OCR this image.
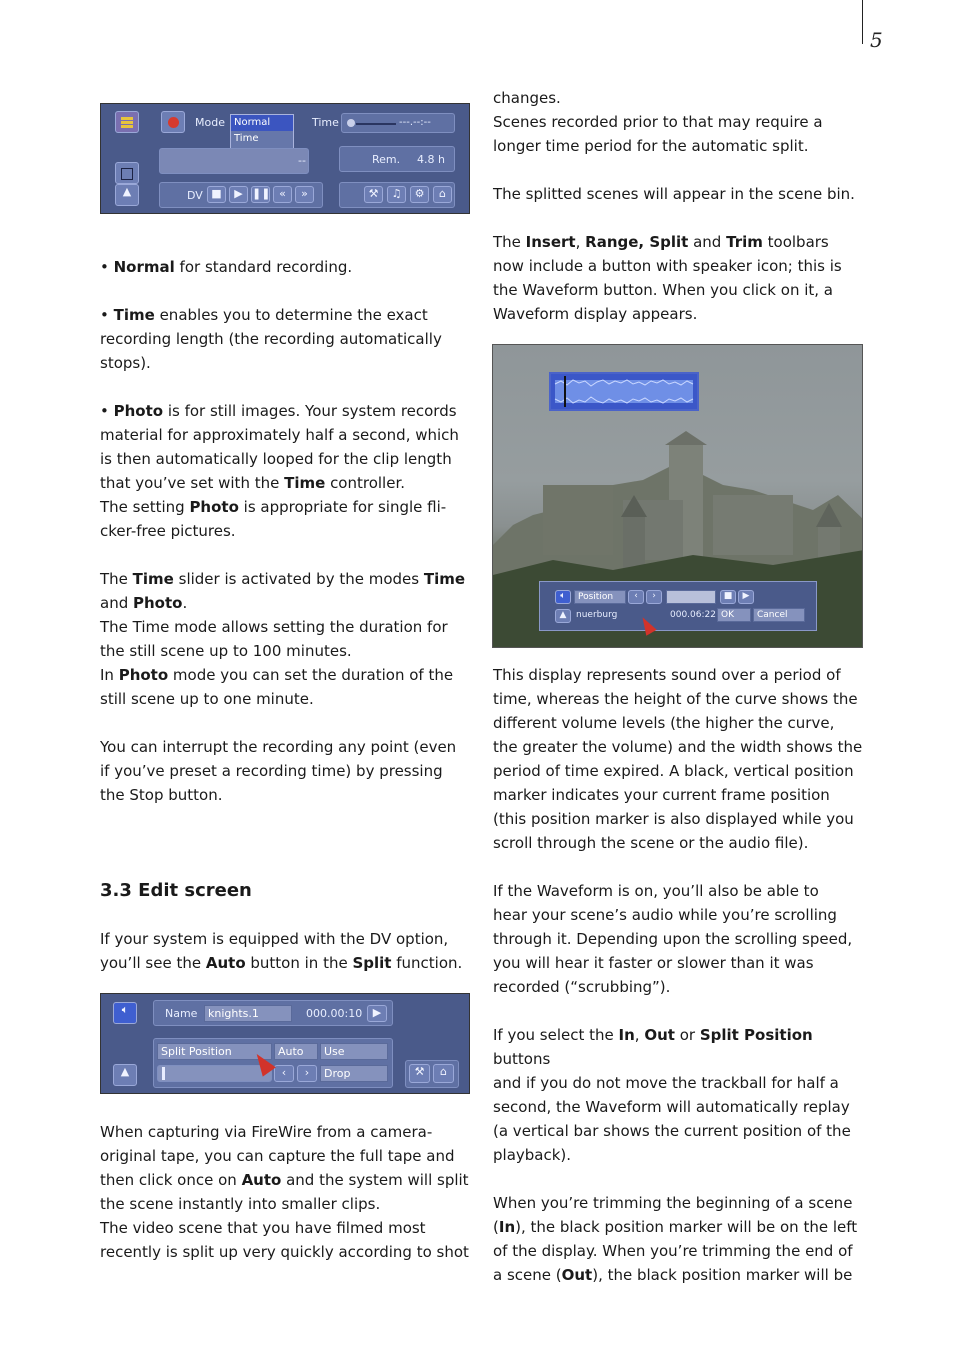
5
Mode Normal
Time
Time	---.--:--
--	Rem. 4.8 h
▲	DV ■	▶ ❚❚ «	»	⚒	♫	⚙	⌂

• Normal for standard recording.

• Time enables you to determine the exact
recording length (the recording automatically
stops).

• Photo is for still images. Your system records
material for approximately half a second, which
is then automatically looped for the clip length
that you’ve set with the Time controller.

The setting Photo is appropriate for single fli-
cker-free pictures.

The Time slider is activated by the modes Time
and Photo.

The Time mode allows setting the duration for
the still scene up to 100 minutes.

In Photo mode you can set the duration of the
still scene up to one minute.

You can interrupt the recording any point (even
if you’ve preset a recording time) by pressing
the Stop button.

3.3 Edit screen

If your system is equipped with the DV option,
you’ll see the Auto button in the Split function.

🔈︎	Name knights.1	000.00:10 ▶
▲
Split Position	Auto	Use
‹	›	Drop	⚒	⌂

When capturing via FireWire from a camera-
original tape, you can capture the full tape and
then click once on Auto and the system will split
the scene instantly into smaller clips.
The video scene that you have filmed most
recently is split up very quickly according to shot

changes.
Scenes recorded prior to that may require a
longer time period for the automatic split.

The splitted scenes will appear in the scene bin.

The Insert, Range, Split and Trim toolbars
now include a button with speaker icon; this is
the Waveform button. When you click on it, a
Waveform display appears.

🔈︎
▲
Position	‹	›	■	▶
nuerburg	000.06:22 OK	Cancel

This display represents sound over a period of
time, whereas the height of the curve shows the
different volume levels (the higher the curve,
the greater the volume) and the width shows the
period of time expired. A black, vertical position
marker indicates your current frame position
(this position marker is also displayed while you
scroll through the scene or the audio file).

If the Waveform is on, you’ll also be able to
hear your scene’s audio while you’re scrolling
through it. Depending upon the scrolling speed,
you will hear it faster or slower than it was
recorded (“scrubbing”).

If you select the In, Out or Split Position buttons
and if you do not move the trackball for half a
second, the Waveform will automatically replay
(a vertical bar shows the current position of the
playback).

When you’re trimming the beginning of a scene
(In), the black position marker will be on the left
of the display. When you’re trimming the end of
a scene (Out), the black position marker will be
